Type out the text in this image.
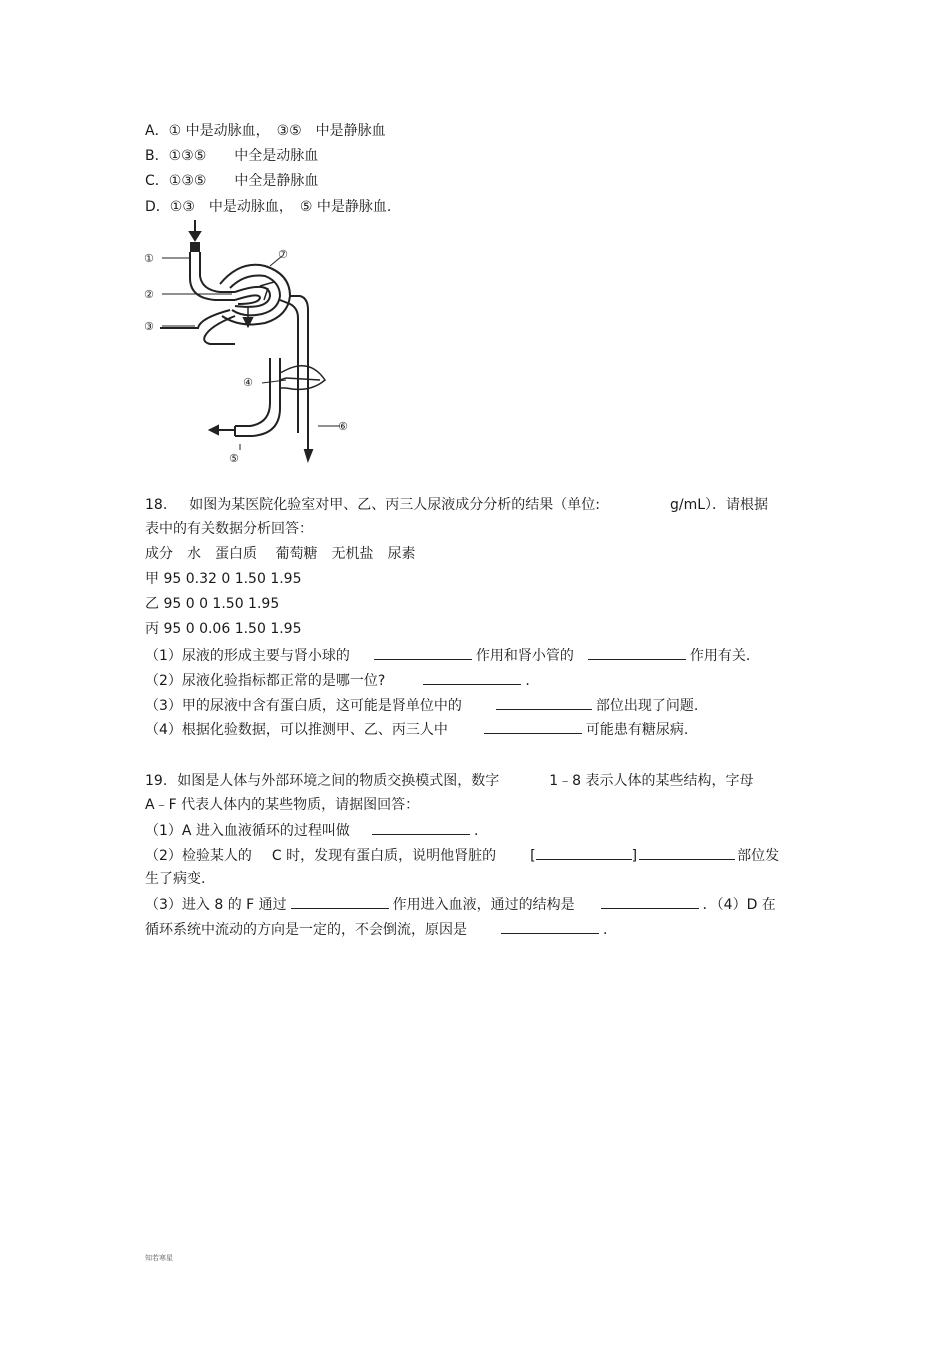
A．① 中是动脉血，　③⑤　中是静脉血
B．①③⑤　　中全是动脉血
C．①③⑤　　中全是静脉血
D．①③　中是动脉血，　⑤ 中是静脉血.
①
②
③
④
⑤
⑥
⑦
18. 如图为某医院化验室对甲、乙、丙三人尿液成分分析的结果（单位:	g/mL）．请根据
表中的有关数据分析回答：
成分　水　蛋白质　 葡萄糖　无机盐　尿素
甲 95 0.32 0 1.50 1.95
乙 95 0 0 1.50 1.95
丙 95 0 0.06 1.50 1.95
（1）尿液的形成主要与肾小球的	作用和肾小管的	作用有关.
（2）尿液化验指标都正常的是哪一位?	.
（3）甲的尿液中含有蛋白质，这可能是肾单位中的	部位出现了问题.
（4）根据化验数据，可以推测甲、乙、丙三人中	可能患有糖尿病.
19. 如图是人体与外部环境之间的物质交换模式图，数字	1﹣8 表示人体的某些结构，字母
A﹣F 代表人体内的某些物质，请据图回答：
（1）A 进入血液循环的过程叫做	.
（2）检验某人的 C 时，发现有蛋白质，说明他肾脏的 [	]	部位发
生了病变.
（3）进入 8 的 F 通过	作用进入血液，通过的结构是	．（4）D 在
循环系统中流动的方向是一定的，不会倒流，原因是	.
知若寒星
